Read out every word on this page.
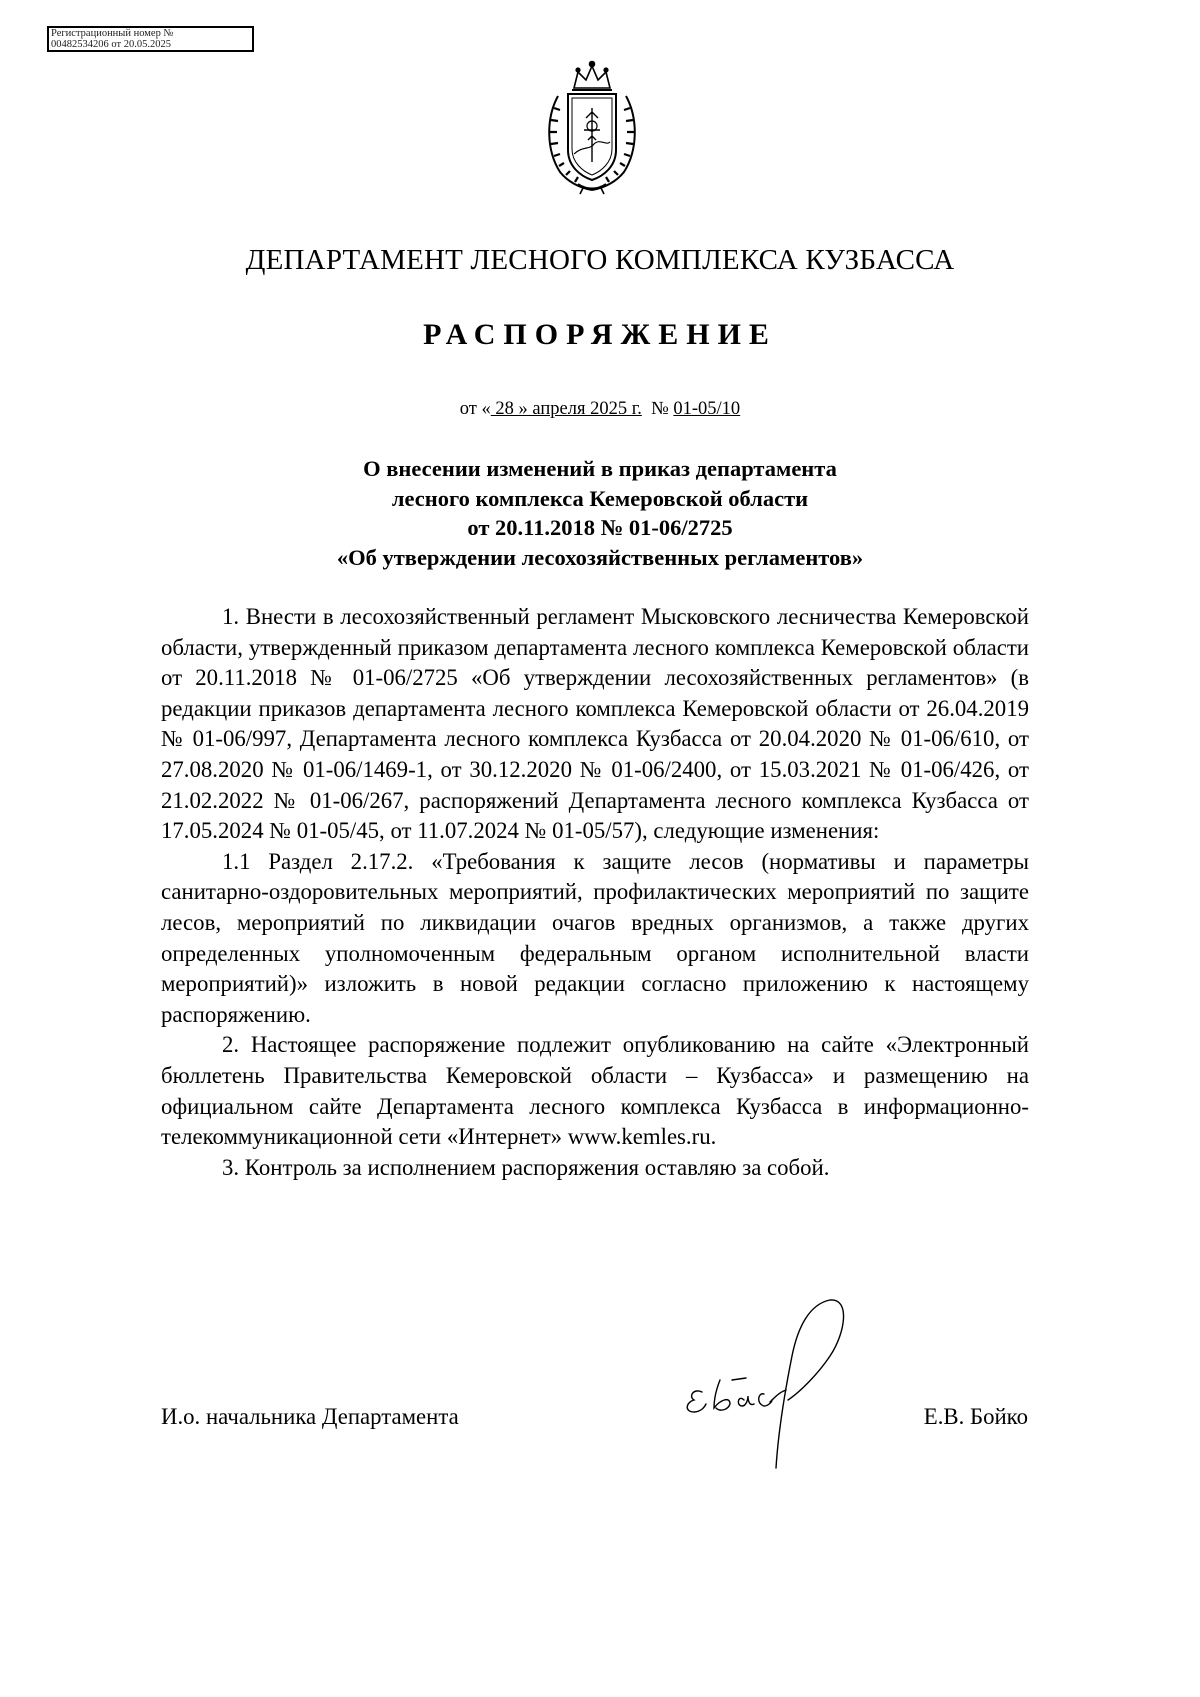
Регистрационный номер №
00482534206 от 20.05.2025
ДЕПАРТАМЕНТ ЛЕСНОГО КОМПЛЕКСА КУЗБАССА
РАСПОРЯЖЕНИЕ
от « 28 » апреля 2025 г. № 01-05/10
О внесении изменений в приказ департамента
лесного комплекса Кемеровской области
от 20.11.2018 № 01-06/2725
«Об утверждении лесохозяйственных регламентов»

1. Внести в лесохозяйственный регламент Мысковского лесничества Кемеровской области, утвержденный приказом департамента лесного комплекса Кемеровской области от 20.11.2018 № 01-06/2725 «Об утверждении лесохозяйственных регламентов» (в редакции приказов департамента лесного комплекса Кемеровской области от 26.04.2019 № 01-06/997, Департамента лесного комплекса Кузбасса от 20.04.2020 № 01-06/610, от 27.08.2020 № 01-06/1469-1, от 30.12.2020 № 01-06/2400, от 15.03.2021 № 01-06/426, от 21.02.2022 № 01-06/267, распоряжений Департамента лесного комплекса Кузбасса от 17.05.2024 № 01-05/45, от 11.07.2024 № 01-05/57), следующие изменения:

1.1 Раздел 2.17.2. «Требования к защите лесов (нормативы и параметры санитарно-оздоровительных мероприятий, профилактических мероприятий по защите лесов, мероприятий по ликвидации очагов вредных организмов, а также других определенных уполномоченным федеральным органом исполнительной власти мероприятий)» изложить в новой редакции согласно приложению к настоящему распоряжению.

2. Настоящее распоряжение подлежит опубликованию на сайте «Электронный бюллетень Правительства Кемеровской области – Кузбасса» и размещению на официальном сайте Департамента лесного комплекса Кузбасса в информационно-телекоммуникационной сети «Интернет» www.kemles.ru.

3. Контроль за исполнением распоряжения оставляю за собой.

И.о. начальника Департамента	Е.В. Бойко
